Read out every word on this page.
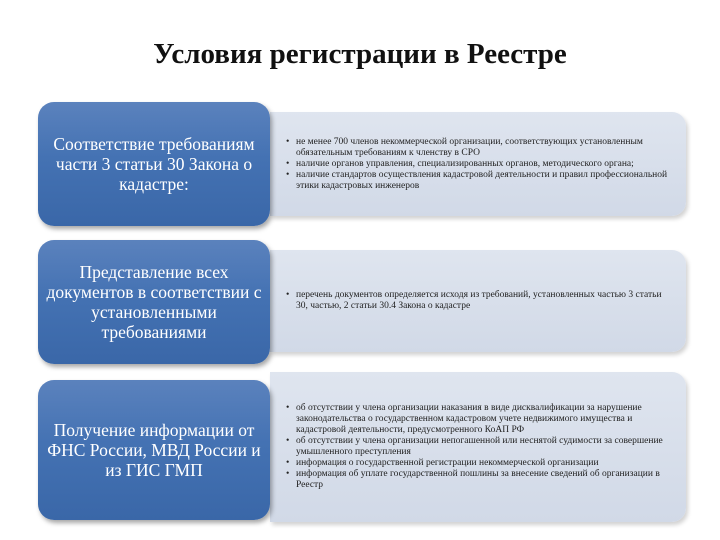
Условия регистрации в Реестре
• не менее 700 членов некоммерческой организации, соответствующих установленным обязательным требованиям к членству в СРО
• наличие органов управления, специализированных органов, методического органа;
• наличие стандартов осуществления кадастровой деятельности и правил профессиональной этики кадастровых инженеров
Соответствие требованиям части 3 статьи 30 Закона о кадастре:
• перечень документов определяется исходя из требований, установленных частью 3 статьи 30, частью, 2 статьи 30.4 Закона о кадастре
Представление всех документов в соответствии с установленными требованиями
• об отсутствии у члена организации наказания в виде дисквалификации за нарушение законодательства о государственном кадастровом учете недвижимого имущества и кадастровой деятельности, предусмотренного КоАП РФ
• об отсутствии у члена организации непогашенной или неснятой судимости за совершение умышленного преступления
• информация о государственной регистрации некоммерческой организации
• информация об уплате государственной пошлины за внесение сведений об организации в Реестр
Получение информации от ФНС России, МВД России и из ГИС ГМП
